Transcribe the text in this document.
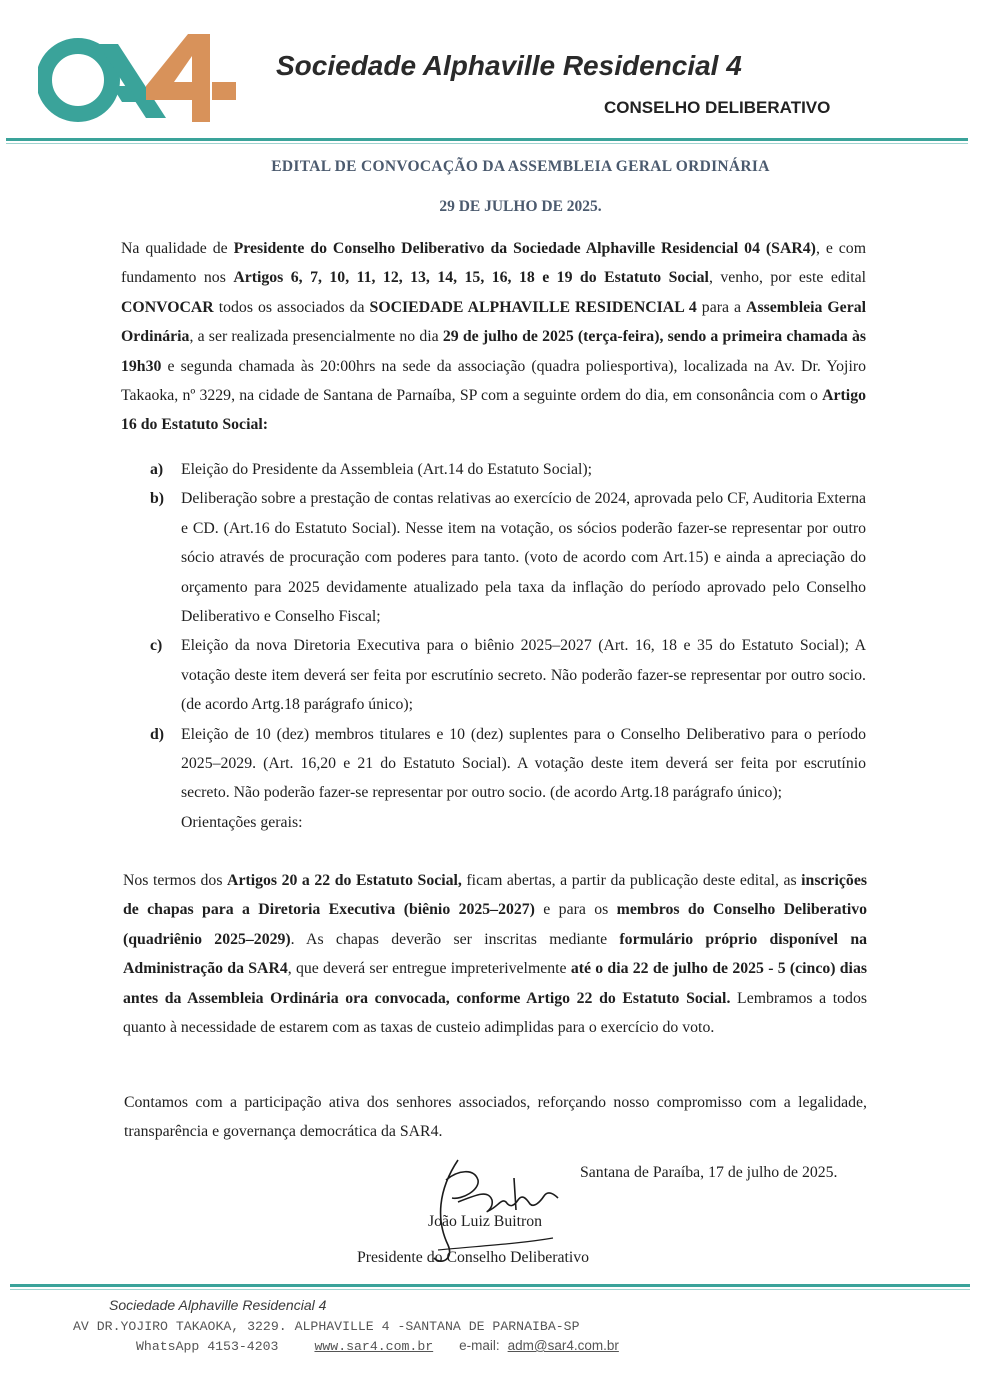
Sociedade Alphaville Residencial 4
CONSELHO DELIBERATIVO
EDITAL DE CONVOCAÇÃO DA ASSEMBLEIA GERAL ORDINÁRIA
29 DE JULHO DE 2025.

Na qualidade de Presidente do Conselho Deliberativo da Sociedade Alphaville Residencial 04 (SAR4), e com fundamento nos Artigos 6, 7, 10, 11, 12, 13, 14, 15, 16, 18 e 19 do Estatuto Social, venho, por este edital CONVOCAR todos os associados da SOCIEDADE ALPHAVILLE RESIDENCIAL 4 para a Assembleia Geral Ordinária, a ser realizada presencialmente no dia 29 de julho de 2025 (terça-feira), sendo a primeira chamada às 19h30 e segunda chamada às 20:00hrs na sede da associação (quadra poliesportiva), localizada na Av. Dr. Yojiro Takaoka, nº 3229, na cidade de Santana de Parnaíba, SP com a seguinte ordem do dia, em consonância com o Artigo 16 do Estatuto Social:

a)	Eleição do Presidente da Assembleia (Art.14 do Estatuto Social);
b)	Deliberação sobre a prestação de contas relativas ao exercício de 2024, aprovada pelo CF, Auditoria Externa e CD. (Art.16 do Estatuto Social). Nesse item na votação, os sócios poderão fazer-se representar por outro sócio através de procuração com poderes para tanto. (voto de acordo com Art.15) e ainda a apreciação do orçamento para 2025 devidamente atualizado pela taxa da inflação do período aprovado pelo Conselho Deliberativo e Conselho Fiscal;
c)	Eleição da nova Diretoria Executiva para o biênio 2025–2027 (Art. 16, 18 e 35 do Estatuto Social); A votação deste item deverá ser feita por escrutínio secreto. Não poderão fazer-se representar por outro socio. (de acordo Artg.18 parágrafo único);
d)	Eleição de 10 (dez) membros titulares e 10 (dez) suplentes para o Conselho Deliberativo para o período 2025–2029. (Art. 16,20 e 21 do Estatuto Social). A votação deste item deverá ser feita por escrutínio secreto. Não poderão fazer-se representar por outro socio. (de acordo Artg.18 parágrafo único);
Orientações gerais:

Nos termos dos Artigos 20 a 22 do Estatuto Social, ficam abertas, a partir da publicação deste edital, as inscrições de chapas para a Diretoria Executiva (biênio 2025–2027) e para os membros do Conselho Deliberativo (quadriênio 2025–2029). As chapas deverão ser inscritas mediante formulário próprio disponível na Administração da SAR4, que deverá ser entregue impreterivelmente até o dia 22 de julho de 2025 - 5 (cinco) dias antes da Assembleia Ordinária ora convocada, conforme Artigo 22 do Estatuto Social. Lembramos a todos quanto à necessidade de estarem com as taxas de custeio adimplidas para o exercício do voto.

Contamos com a participação ativa dos senhores associados, reforçando nosso compromisso com a legalidade, transparência e governança democrática da SAR4.

Santana de Paraíba, 17 de julho de 2025.
João Luiz Buitron
Presidente do Conselho Deliberativo
Sociedade Alphaville Residencial 4
AV DR.YOJIRO TAKAOKA, 3229. ALPHAVILLE 4 -SANTANA DE PARNAIBA-SP
WhatsApp 4153-4203	www.sar4.com.br e-mail: adm@sar4.com.br
